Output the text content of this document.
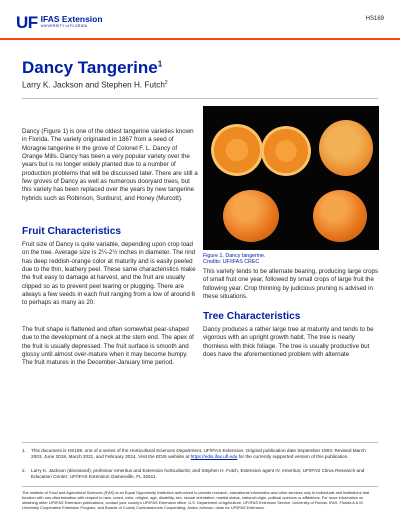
UF IFAS Extension
UNIVERSITY of FLORIDA
HS169
Dancy Tangerine$^1$
Larry K. Jackson and Stephen H. Futch$^2$

Dancy (Figure 1) is one of the oldest tangerine varieties known in Florida. The variety originated in 1867 from a seed of Moragne tangerine in the grove of Colonel F. L. Dancy of Orange Mills. Dancy has been a very popular variety over the years but is no longer widely planted due to a number of production problems that will be discussed later. There are still a few groves of Dancy as well as numerous dooryard trees, but this variety has been replaced over the years by new tangerine hybrids such as Robinson, Sunburst, and Honey (Murcott).

Fruit Characteristics

Fruit size of Dancy is quite variable, depending upon crop load on the tree. Average size is 2¼-2½ inches in diameter. The rind has deep reddish-orange color at maturity and is easily peeled due to the thin, leathery peel. These same characteristics make the fruit easy to damage at harvest, and the fruit are usually clipped so as to prevent peel tearing or plugging. There are always a few seeds in each fruit ranging from a low of around 6 to perhaps as many as 20.

The fruit shape is flattened and often somewhat pear-shaped due to the development of a neck at the stem end. The apex of the fruit is usually depressed. The fruit surface is smooth and glossy until almost over-mature when it may become bumpy. The fruit matures in the December-January time period.

Figure 1. Dancy tangerine.
Credits: UF/IFAS CREC

This variety tends to be alternate bearing, producing large crops of small fruit one year, followed by small crops of large fruit the following year. Crop thinning by judicious pruning is advised in these situations.

Tree Characteristics

Dancy produces a rather large tree at maturity and tends to be vigorous with an upright growth habit. The tree is nearly thornless with thick foliage. The tree is usually productive but does have the aforementioned problem with alternate

1.	This document is HS169, one of a series of the Horticultural Sciences Department, UF/IFAS Extension. Original publication date September 1993. Revised March 2003, June 2018, March 2021, and February 2024. Visit the EDIS website at https://edis.ifas.ufl.edu for the currently supported version of this publication.
2.	Larry K. Jackson (deceased), professor emeritus and Extension horticulturist; and Stephen H. Futch, Extension agent IV, emeritus; UF/IFAS Citrus Research and Education Center; UF/IFAS Extension Gainesville, FL 32611.
The Institute of Food and Agricultural Sciences (IFAS) is an Equal Opportunity Institution authorized to provide research, educational information and other services only to individuals and institutions that function with non-discrimination with respect to race, creed, color, religion, age, disability, sex, sexual orientation, marital status, national origin, political opinions or affiliations. For more information on obtaining other UF/IFAS Extension publications, contact your county's UF/IFAS Extension office. U.S. Department of Agriculture, UF/IFAS Extension Service, University of Florida, IFAS, Florida A & M University Cooperative Extension Program, and Boards of County Commissioners Cooperating. Andra Johnson, dean for UF/IFAS Extension.
